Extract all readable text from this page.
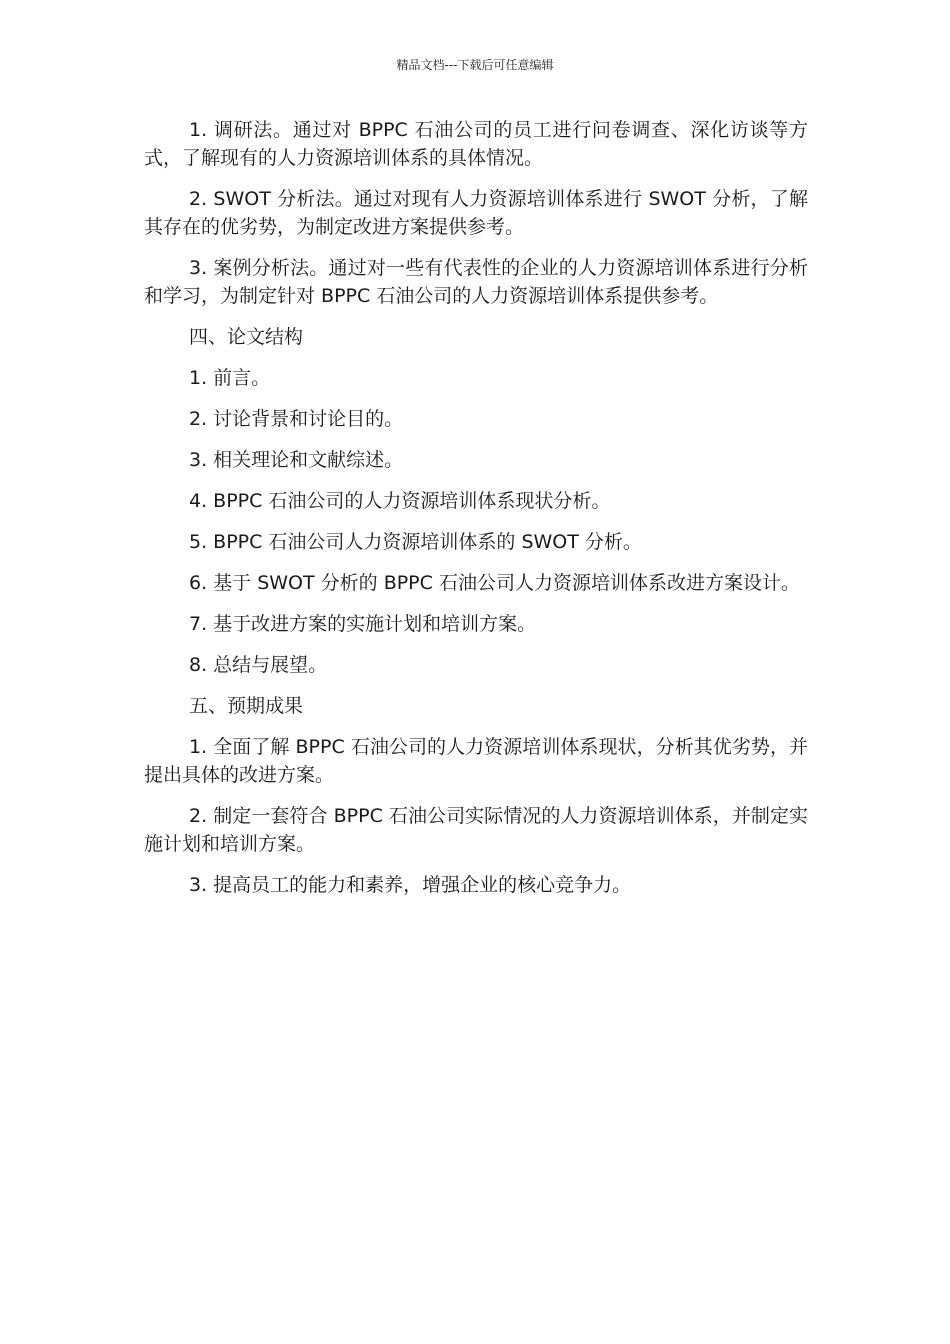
精品文档---下载后可任意编辑

1. 调研法。通过对 BPPC 石油公司的员工进行问卷调查、深化访谈等方式，了解现有的人力资源培训体系的具体情况。

2. SWOT 分析法。通过对现有人力资源培训体系进行 SWOT 分析，了解其存在的优劣势，为制定改进方案提供参考。

3. 案例分析法。通过对一些有代表性的企业的人力资源培训体系进行分析和学习，为制定针对 BPPC 石油公司的人力资源培训体系提供参考。

四、论文结构

1. 前言。

2. 讨论背景和讨论目的。

3. 相关理论和文献综述。

4. BPPC 石油公司的人力资源培训体系现状分析。

5. BPPC 石油公司人力资源培训体系的 SWOT 分析。

6. 基于 SWOT 分析的 BPPC 石油公司人力资源培训体系改进方案设计。

7. 基于改进方案的实施计划和培训方案。

8. 总结与展望。

五、预期成果

1. 全面了解 BPPC 石油公司的人力资源培训体系现状，分析其优劣势，并提出具体的改进方案。

2. 制定一套符合 BPPC 石油公司实际情况的人力资源培训体系，并制定实施计划和培训方案。

3. 提高员工的能力和素养，增强企业的核心竞争力。
